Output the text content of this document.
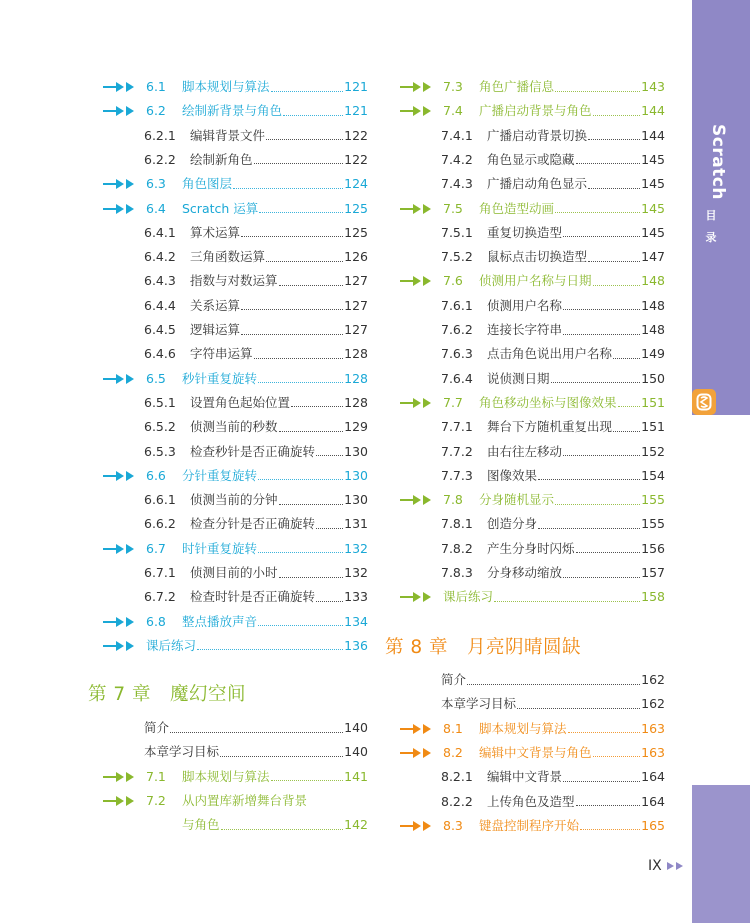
Scratch
目
录
6.1 脚本规划与算法	121
6.2 绘制新背景与角色	121
6.2.1 编辑背景文件	122
6.2.2 绘制新角色	122
6.3 角色图层	124
6.4 Scratch 运算	125
6.4.1 算术运算	125
6.4.2 三角函数运算	126
6.4.3 指数与对数运算	127
6.4.4 关系运算	127
6.4.5 逻辑运算	127
6.4.6 字符串运算	128
6.5 秒针重复旋转	128
6.5.1 设置角色起始位置	128
6.5.2 侦测当前的秒数	129
6.5.3 检查秒针是否正确旋转 130
6.6 分针重复旋转	130
6.6.1 侦测当前的分钟	130
6.6.2 检查分针是否正确旋转 131
6.7 时针重复旋转	132
6.7.1 侦测目前的小时	132
6.7.2 检查时针是否正确旋转 133
6.8 整点播放声音	134
课后练习	136
简介	140
本章学习目标	140
7.1 脚本规划与算法	141
7.2 从内置库新增舞台背景
与角色	142
7.3 角色广播信息	143
7.4 广播启动背景与角色	144
7.4.1 广播启动背景切换	144
7.4.2 角色显示或隐藏	145
7.4.3 广播启动角色显示	145
7.5 角色造型动画	145
7.5.1 重复切换造型	145
7.5.2 鼠标点击切换造型	147
7.6 侦测用户名称与日期	148
7.6.1 侦测用户名称	148
7.6.2 连接长字符串	148
7.6.3 点击角色说出用户名称 149
7.6.4 说侦测日期	150
7.7 角色移动坐标与图像效果 151
7.7.1 舞台下方随机重复出现 151
7.7.2 由右往左移动	152
7.7.3 图像效果	154
7.8 分身随机显示	155
7.8.1 创造分身	155
7.8.2 产生分身时闪烁	156
7.8.3 分身移动缩放	157
课后练习	158
简介	162
本章学习目标	162
8.1 脚本规划与算法	163
8.2 编辑中文背景与角色	163
8.2.1 编辑中文背景	164
8.2.2 上传角色及造型	164
8.3 键盘控制程序开始	165
第 7 章　魔幻空间
第 8 章　月亮阴晴圆缺
IX
